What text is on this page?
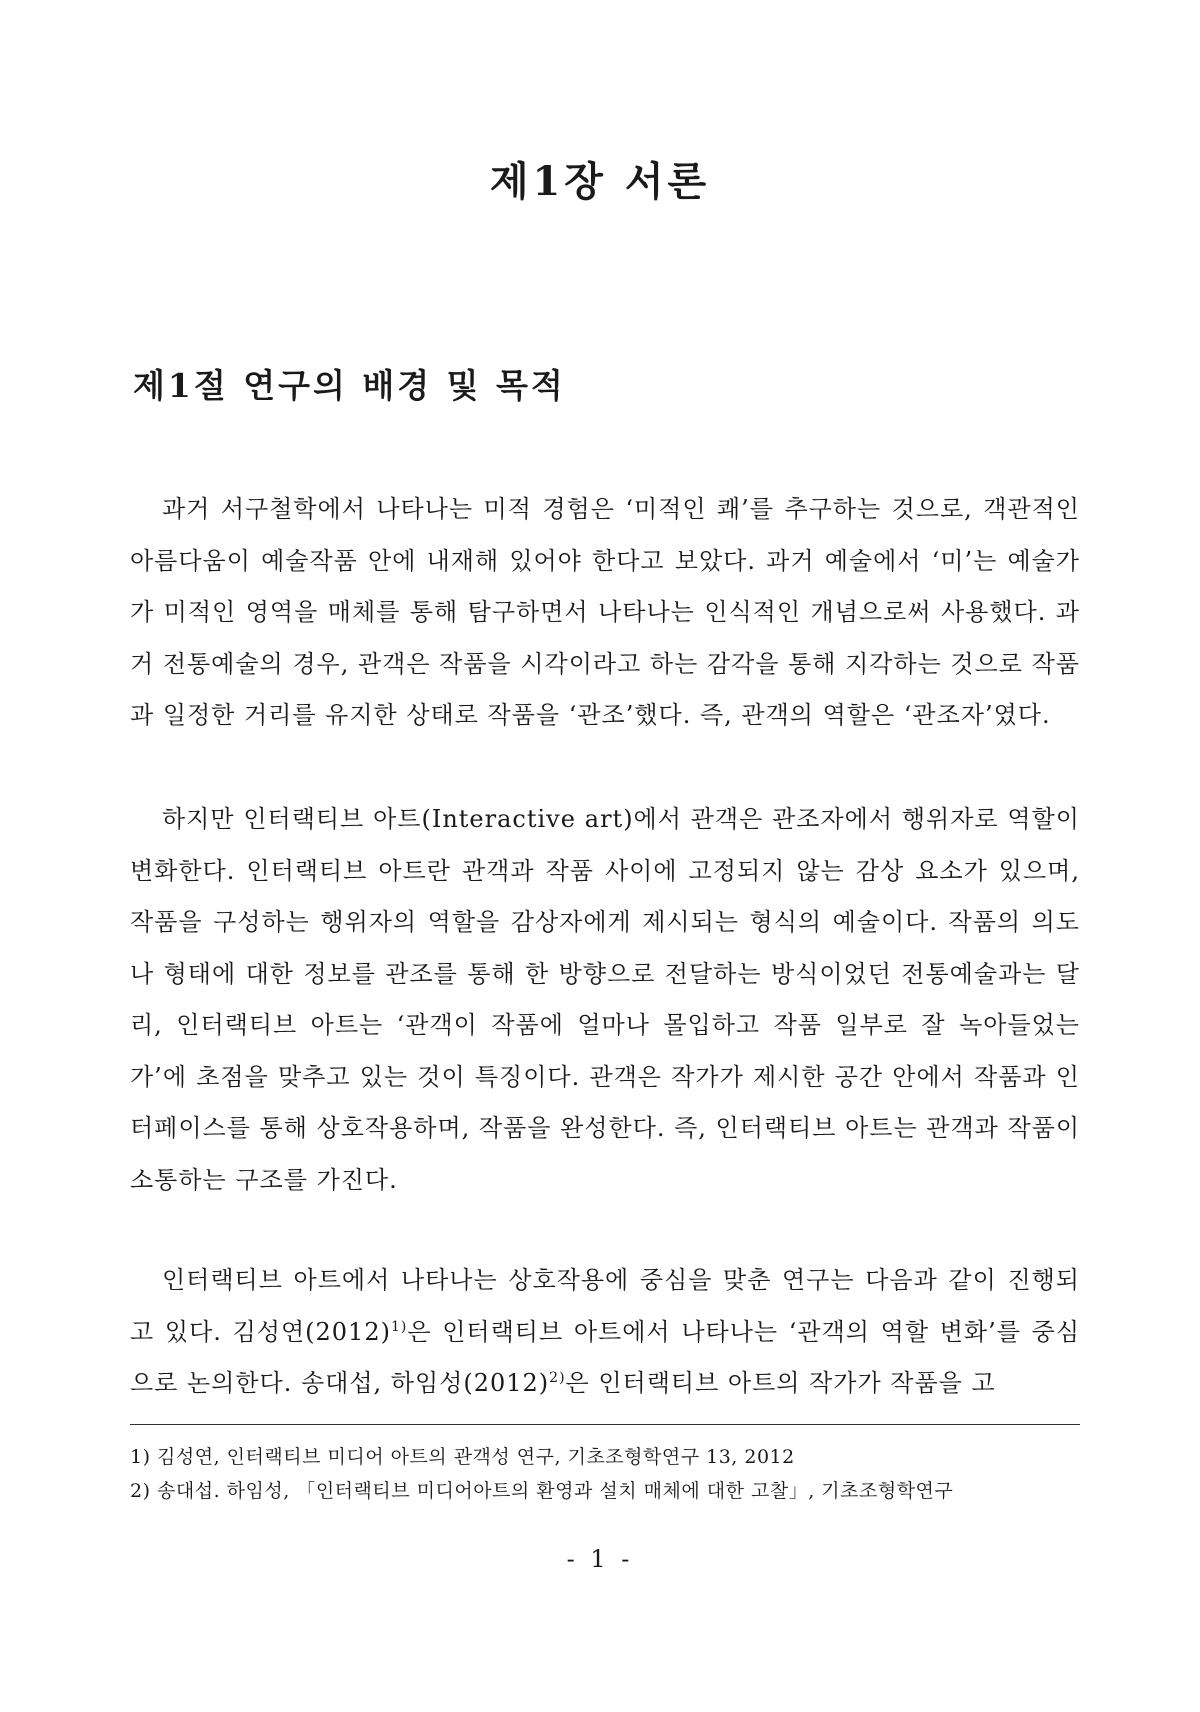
제1장 서론
제1절 연구의 배경 및 목적

과거 서구철학에서 나타나는 미적 경험은 ‘미적인 쾌’를 추구하는 것으로, 객관적인 아름다움이 예술작품 안에 내재해 있어야 한다고 보았다. 과거 예술에서 ‘미’는 예술가가 미적인 영역을 매체를 통해 탐구하면서 나타나는 인식적인 개념으로써 사용했다. 과거 전통예술의 경우, 관객은 작품을 시각이라고 하는 감각을 통해 지각하는 것으로 작품과 일정한 거리를 유지한 상태로 작품을 ‘관조’했다. 즉, 관객의 역할은 ‘관조자’였다.

하지만 인터랙티브 아트(Interactive art)에서 관객은 관조자에서 행위자로 역할이 변화한다. 인터랙티브 아트란 관객과 작품 사이에 고정되지 않는 감상 요소가 있으며, 작품을 구성하는 행위자의 역할을 감상자에게 제시되는 형식의 예술이다. 작품의 의도나 형태에 대한 정보를 관조를 통해 한 방향으로 전달하는 방식이었던 전통예술과는 달리, 인터랙티브 아트는 ‘관객이 작품에 얼마나 몰입하고 작품 일부로 잘 녹아들었는가’에 초점을 맞추고 있는 것이 특징이다. 관객은 작가가 제시한 공간 안에서 작품과 인터페이스를 통해 상호작용하며, 작품을 완성한다. 즉, 인터랙티브 아트는 관객과 작품이 소통하는 구조를 가진다.

인터랙티브 아트에서 나타나는 상호작용에 중심을 맞춘 연구는 다음과 같이 진행되고 있다. 김성연$(2012)^{1)}$은 인터랙티브 아트에서 나타나는 ‘관객의 역할 변화’를 중심으로 논의한다. 송대섭, 하임성$(2012)^{2)}$은 인터랙티브 아트의 작가가 작품을 고

1) 김성연, 인터랙티브 미디어 아트의 관객성 연구, 기초조형학연구 13, 2012
2) 송대섭. 하임성, 「인터랙티브 미디어아트의 환영과 설치 매체에 대한 고찰」, 기초조형학연구
- 1 -
